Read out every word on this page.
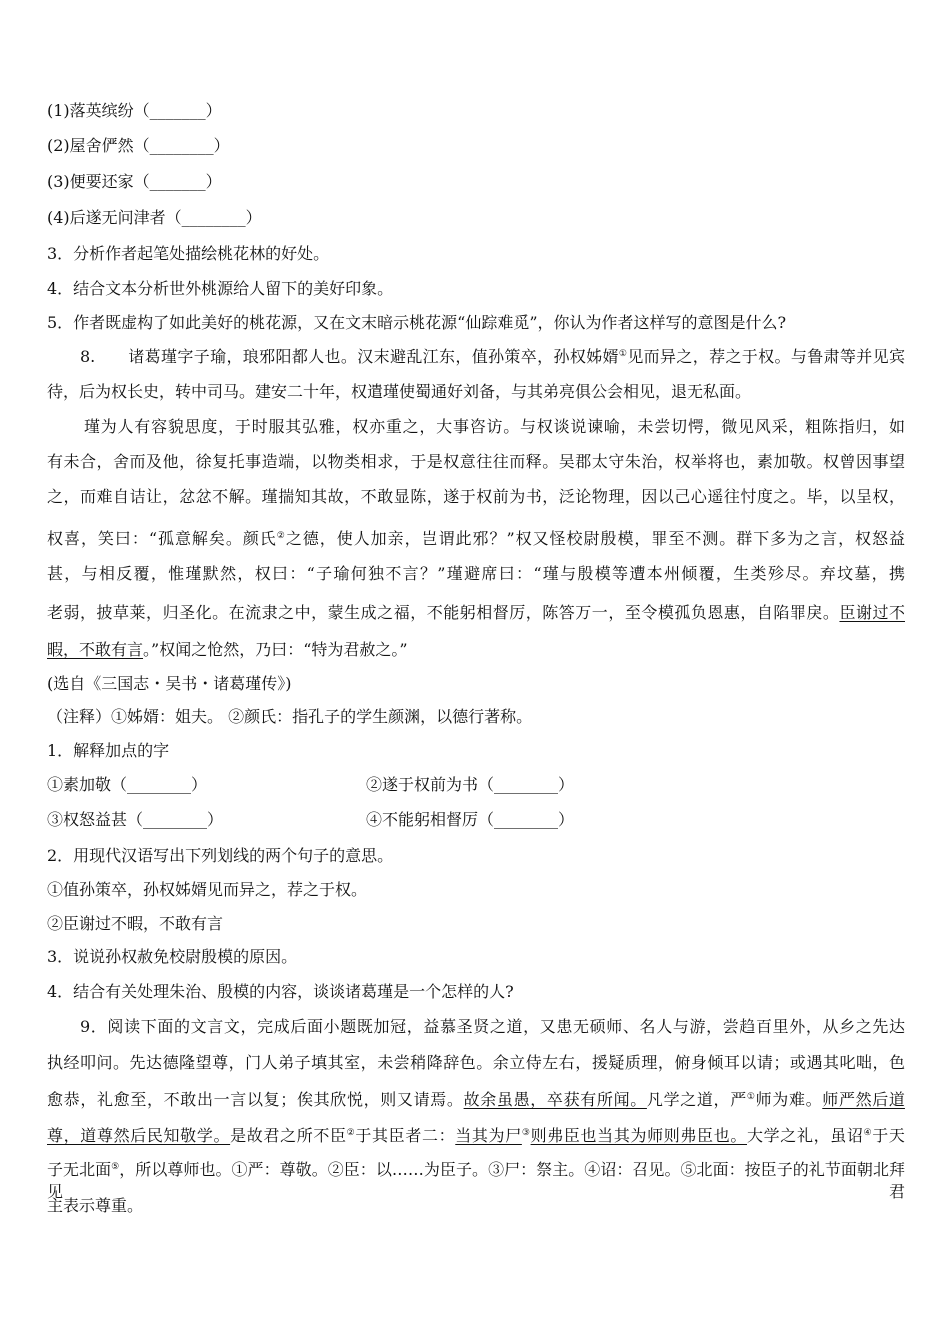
(1)落英缤纷（_______）
(2)屋舍俨然（________）
(3)便要还家（_______）
(4)后遂无问津者（________）
3．分析作者起笔处描绘桃花林的好处。
4．结合文本分析世外桃源给人留下的美好印象。
5．作者既虚构了如此美好的桃花源，又在文末暗示桃花源“仙踪难觅”，你认为作者这样写的意图是什么?
8.　　诸葛瑾字子瑜，琅邪阳都人也。汉末避乱江东，值孙策卒，孙权姊婿①见而异之，荐之于权。与鲁肃等并见宾
待，后为权长史，转中司马。建安二十年，权遣瑾使蜀通好刘备，与其弟亮俱公会相见，退无私面。
瑾为人有容貌思度，于时服其弘雅，权亦重之，大事咨访。与权谈说谏喻，未尝切愕，微见风采，粗陈指归，如
有未合，舍而及他，徐复托事造端，以物类相求，于是权意往往而释。吴郡太守朱治，权举将也，素加敬。权曾因事望
之，而难自诘让，忿忿不解。瑾揣知其故，不敢显陈，遂于权前为书，泛论物理，因以己心遥往忖度之。毕，以呈权，
权喜，笑曰：“孤意解矣。颜氏②之德，使人加亲，岂谓此邪？”权又怪校尉殷模，罪至不测。群下多为之言，权怒益
甚，与相反覆，惟瑾默然，权曰：“子瑜何独不言？”瑾避席曰：“瑾与殷模等遭本州倾覆，生类殄尽。弃坟墓，携
老弱，披草莱，归圣化。在流隶之中，蒙生成之福，不能躬相督厉，陈答万一，至令模孤负恩惠，自陷罪戾。臣谢过不
暇，不敢有言。”权闻之怆然，乃曰：“特为君赦之。”
(选自《三国志・吴书・诸葛瑾传》)
（注释）①姊婿：姐夫。 ②颜氏：指孔子的学生颜渊，以德行著称。
1．解释加点的字
①素加敬（________）	②遂于权前为书（________）
③权怒益甚（________）	④不能躬相督厉（________）
2．用现代汉语写出下列划线的两个句子的意思。
①值孙策卒，孙权姊婿见而异之，荐之于权。
②臣谢过不暇，不敢有言
3．说说孙权赦免校尉殷模的原因。
4．结合有关处理朱治、殷模的内容，谈谈诸葛瑾是一个怎样的人?
9．阅读下面的文言文，完成后面小题既加冠，益慕圣贤之道，又患无硕师、名人与游，尝趋百里外，从乡之先达
执经叩问。先达德隆望尊，门人弟子填其室，未尝稍降辞色。余立侍左右，援疑质理，俯身倾耳以请；或遇其叱咄，色
愈恭，礼愈至，不敢出一言以复；俟其欣悦，则又请焉。故余虽愚，卒获有所闻。凡学之道，严①师为难。师严然后道
尊，道尊然后民知敬学。是故君之所不臣②于其臣者二：当其为尸③则弗臣也当其为师则弗臣也。大学之礼，虽诏④于天
子无北面⑤，所以尊师也。①严：尊敬。②臣：以……为臣子。③尸：祭主。④诏：召见。⑤北面：按臣子的礼节面朝北拜见君
主表示尊重。
